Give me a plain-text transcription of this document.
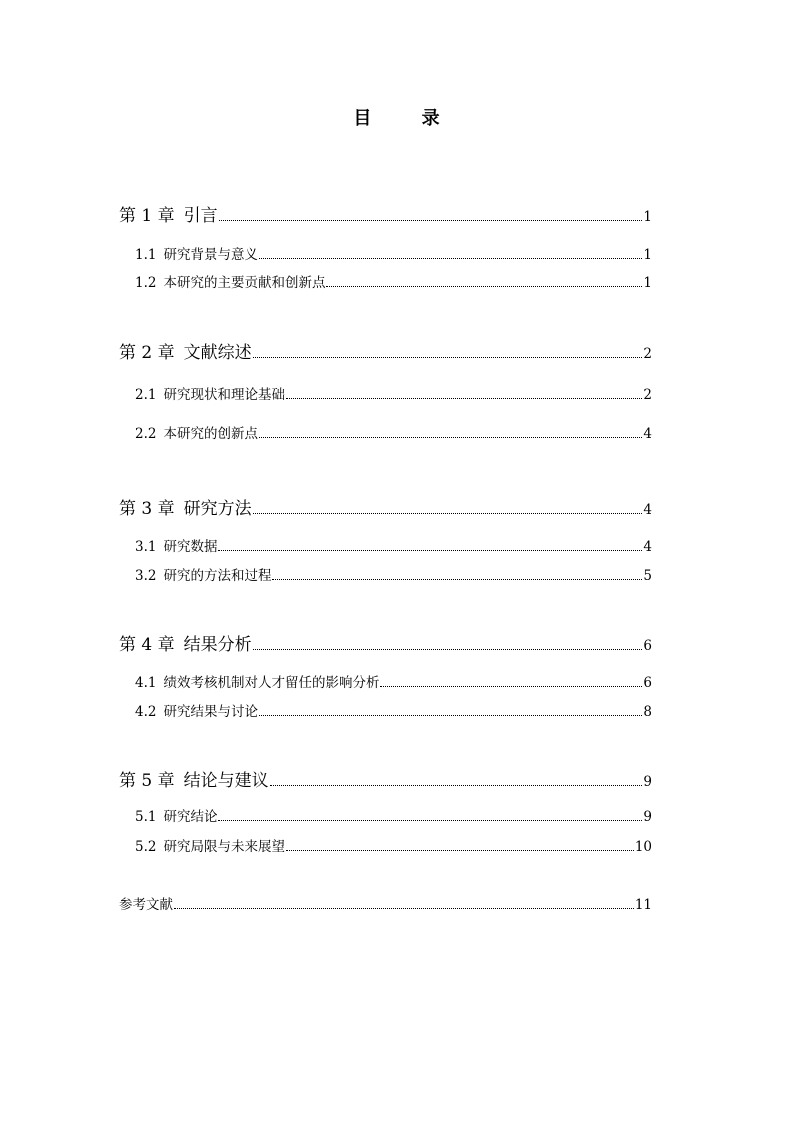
目 录
第 1 章 引言	1
1.1 研究背景与意义	1
1.2 本研究的主要贡献和创新点	1
第 2 章 文献综述	2
2.1 研究现状和理论基础	2
2.2 本研究的创新点	4
第 3 章 研究方法	4
3.1 研究数据	4
3.2 研究的方法和过程	5
第 4 章 结果分析	6
4.1 绩效考核机制对人才留任的影响分析	6
4.2 研究结果与讨论	8
第 5 章 结论与建议	9
5.1 研究结论	9
5.2 研究局限与未来展望	10
参考文献	11
